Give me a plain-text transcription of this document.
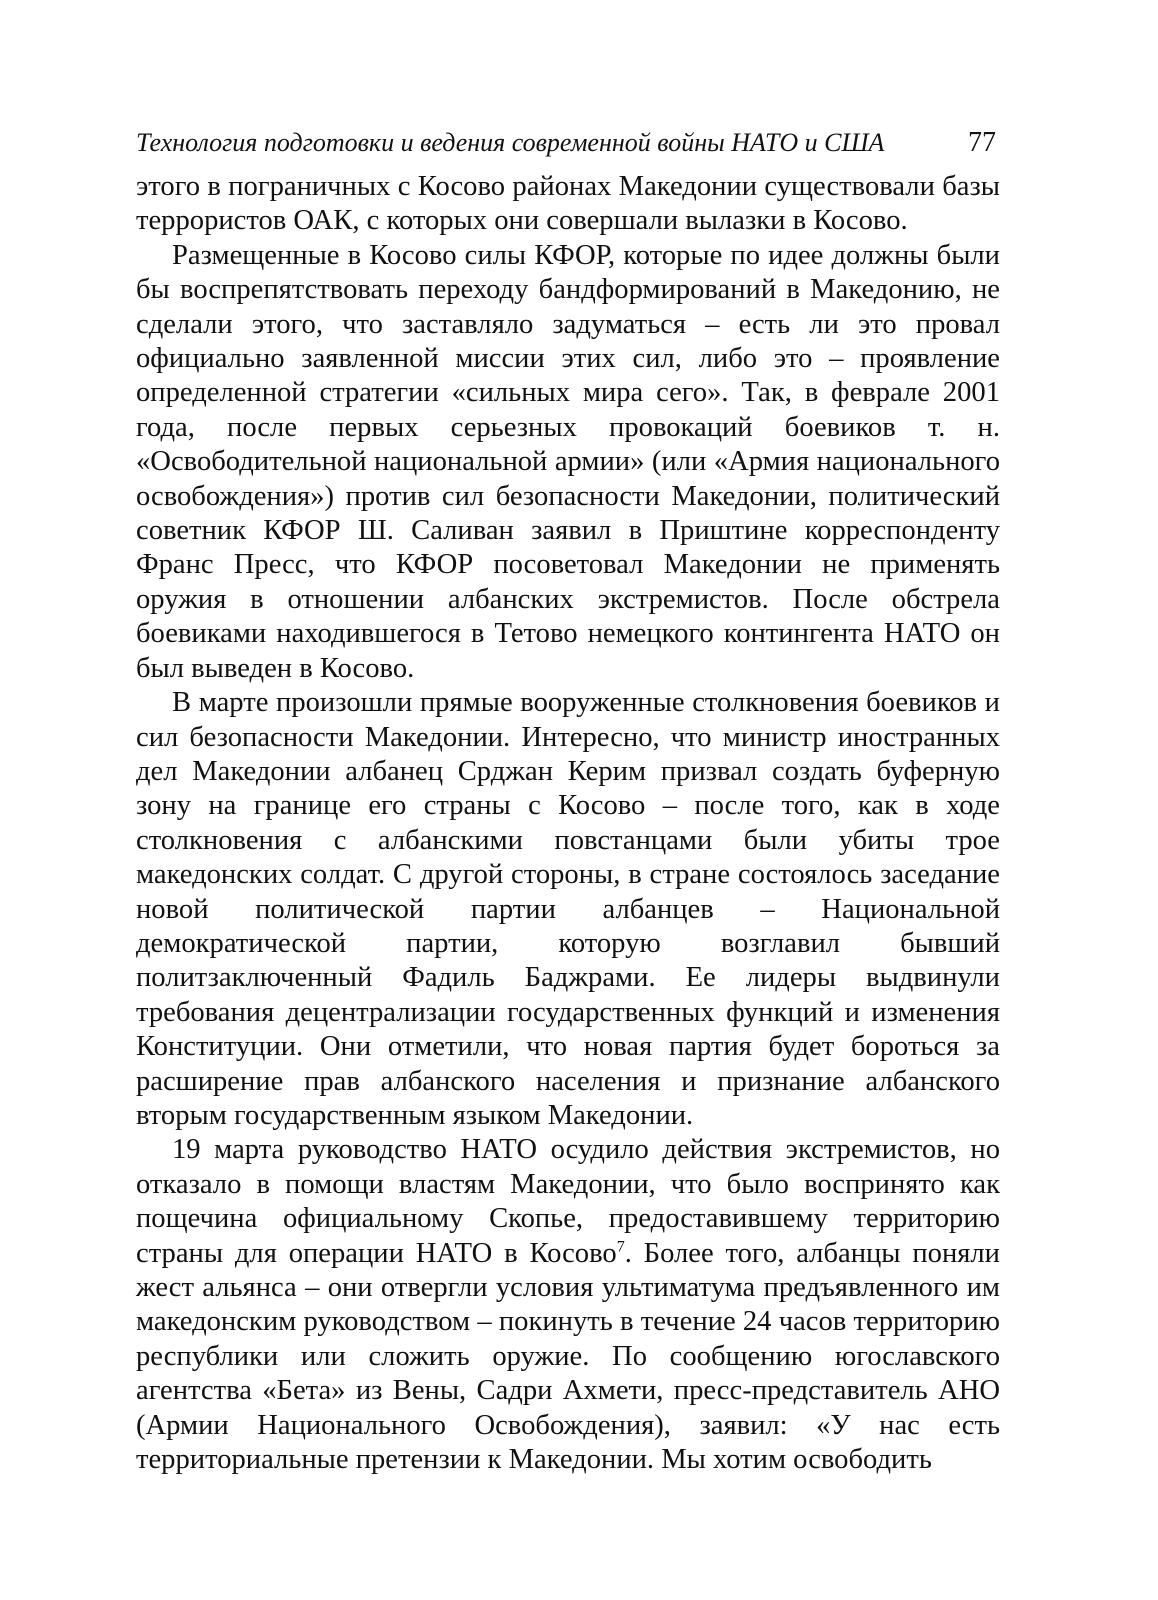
Технология подготовки и ведения современной войны НАТО и США	77

этого в пограничных с Косово районах Македонии существовали базы террористов ОАК, с которых они совершали вылазки в Косово.

Размещенные в Косово силы КФОР, которые по идее должны были бы воспрепятствовать переходу бандформирований в Македонию, не сделали этого, что заставляло задуматься – есть ли это провал официально заявленной миссии этих сил, либо это – проявление определенной стратегии «сильных мира сего». Так, в феврале 2001 года, после первых серьезных провокаций боевиков т. н. «Освободительной национальной армии» (или «Армия национального освобождения») против сил безопасности Македонии, политический советник КФОР Ш. Саливан заявил в Приштине корреспонденту Франс Пресс, что КФОР посоветовал Македонии не применять оружия в отношении албанских экстремистов. После обстрела боевиками находившегося в Тетово немецкого контингента НАТО он был выведен в Косово.

В марте произошли прямые вооруженные столкновения боевиков и сил безопасности Македонии. Интересно, что министр иностранных дел Македонии албанец Срджан Керим призвал создать буферную зону на границе его страны с Косово – после того, как в ходе столкновения с албанскими повстанцами были убиты трое македонских солдат. С другой стороны, в стране состоялось заседание новой политической партии албанцев – Национальной демократической партии, которую возглавил бывший политзаключенный Фадиль Баджрами. Ее лидеры выдвинули требования децентрализации государственных функций и изменения Конституции. Они отметили, что новая партия будет бороться за расширение прав албанского населения и признание албанского вторым государственным языком Македонии.

19 марта руководство НАТО осудило действия экстремистов, но отказало в помощи властям Македонии, что было воспринято как пощечина официальному Скопье, предоставившему территорию страны для операции НАТО в Косово$^7$. Более того, албанцы поняли жест альянса – они отвергли условия ультиматума предъявленного им македонским руководством – покинуть в течение 24 часов территорию республики или сложить оружие. По сообщению югославского агентства «Бета» из Вены, Садри Ахмети, пресс-представитель АНО (Армии Национального Освобождения), заявил: «У нас есть территориальные претензии к Македонии. Мы хотим освободить
